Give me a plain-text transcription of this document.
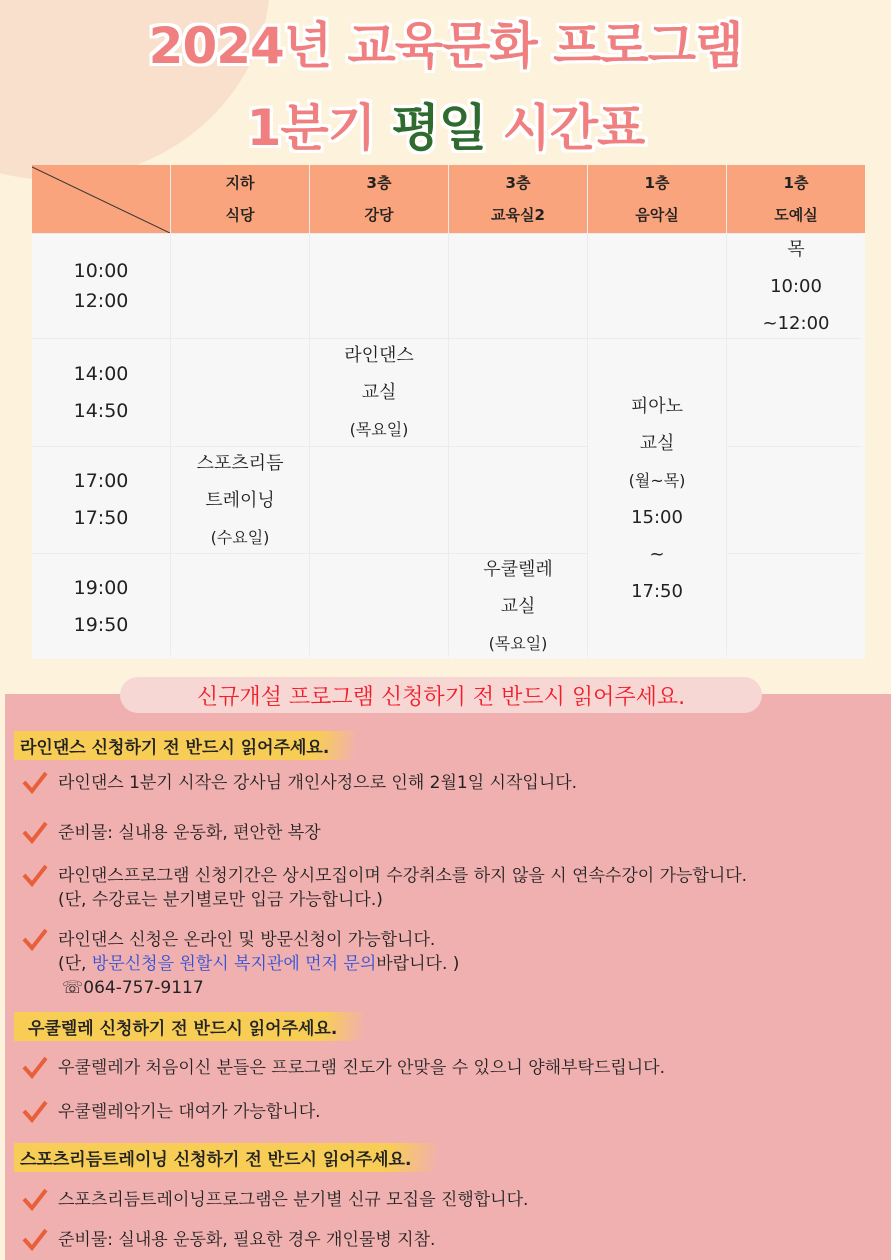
2024년 교육문화 프로그램
1분기 평일 시간표
지하
식당
3층
강당
3층
교육실2
1층
음악실
1층
도예실
10:00
12:00
14:00
14:50
17:00
17:50
19:00
19:50
스포츠리듬
트레이닝
(수요일)
라인댄스
교실
(목요일)
우쿨렐레
교실
(목요일)
피아노
교실
(월~목)
15:00
~
17:50
목
10:00
~12:00
신규개설 프로그램 신청하기 전 반드시 읽어주세요.
라인댄스 신청하기 전 반드시 읽어주세요.
라인댄스 1분기 시작은 강사님 개인사정으로 인해 2월1일 시작입니다.
준비물: 실내용 운동화, 편안한 복장
라인댄스프로그램 신청기간은 상시모집이며 수강취소를 하지 않을 시 연속수강이 가능합니다.
(단, 수강료는 분기별로만 입금 가능합니다.)
라인댄스 신청은 온라인 및 방문신청이 가능합니다.
(단, 방문신청을 원할시 복지관에 먼저 문의바랍니다. )
☏064-757-9117
우쿨렐레 신청하기 전 반드시 읽어주세요.
우쿨렐레가 처음이신 분들은 프로그램 진도가 안맞을 수 있으니 양해부탁드립니다.
우쿨렐레악기는 대여가 가능합니다.
스포츠리듬트레이닝 신청하기 전 반드시 읽어주세요.
스포츠리듬트레이닝프로그램은 분기별 신규 모집을 진행합니다.
준비물: 실내용 운동화, 필요한 경우 개인물병 지참.
